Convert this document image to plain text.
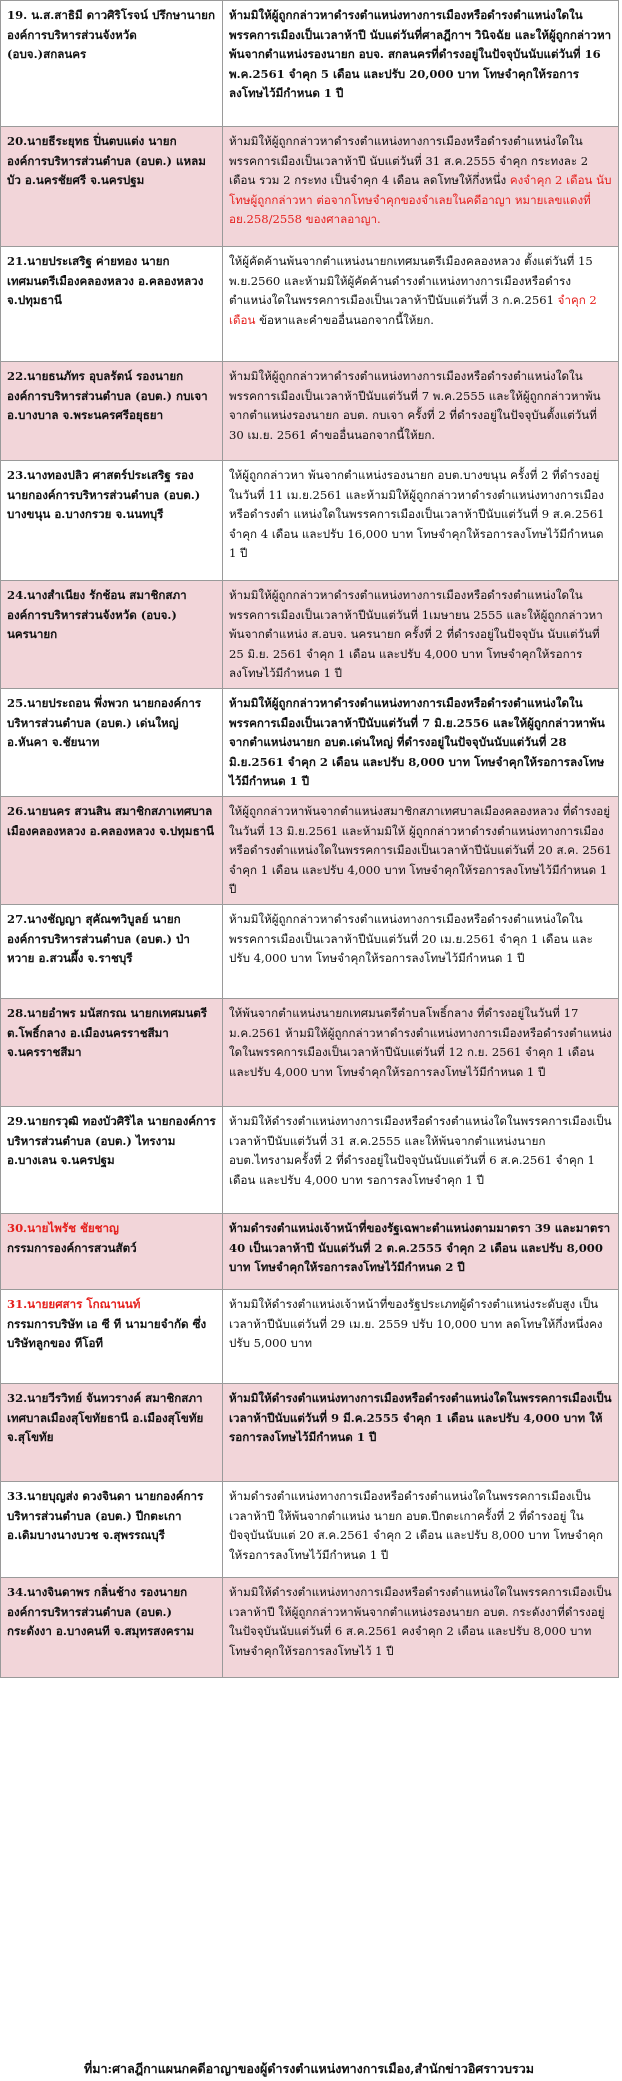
19. น.ส.สาธิมี ดาวศิริโรจน์ ปรึกษานายกองค์การบริหารส่วนจังหวัด (อบจ.)สกลนคร	ห้ามมิให้ผู้ถูกกล่าวหาดำรงตำแหน่งทางการเมืองหรือดำรงตำแหน่งใดในพรรคการเมืองเป็นเวลาห้าปี นับแต่วันที่ศาลฎีกาฯ วินิจฉัย และให้ผู้ถูกกล่าวหาพ้นจากตำแหน่งรองนายก อบจ. สกลนครที่ดำรงอยู่ในปัจจุบันนับแต่วันที่ 16 พ.ค.2561 จำคุก 5 เดือน และปรับ 20,000 บาท โทษจำคุกให้รอการลงโทษไว้มีกำหนด 1 ปี
20.นายธีระยุทธ ปิ่นตบแต่ง นายกองค์การบริหารส่วนตำบล (อบต.) แหลมบัว อ.นครชัยศรี จ.นครปฐม	ห้ามมิให้ผู้ถูกกล่าวหาดำรงตำแหน่งทางการเมืองหรือดำรงตำแหน่งใดในพรรคการเมืองเป็นเวลาห้าปี นับแต่วันที่ 31 ส.ค.2555 จำคุก กระทงละ 2 เดือน รวม 2 กระทง เป็นจำคุก 4 เดือน ลดโทษให้กึ่งหนึ่ง คงจำคุก 2 เดือน นับโทษผู้ถูกกล่าวหา ต่อจากโทษจำคุกของจำเลยในคดีอาญา หมายเลขแดงที่ อย.258/2558 ของศาลอาญา.
21.นายประเสริฐ ค่ายทอง นายกเทศมนตรีเมืองคลองหลวง อ.คลองหลวง จ.ปทุมธานี	ให้ผู้คัดค้านพ้นจากตำแหน่งนายกเทศมนตรีเมืองคลองหลวง ตั้งแต่วันที่ 15 พ.ย.2560 และห้ามมิให้ผู้คัดค้านดำรงตำแหน่งทางการเมืองหรือดำรงตำแหน่งใดในพรรคการเมืองเป็นเวลาห้าปีนับแต่วันที่ 3 ก.ค.2561 จำคุก 2 เดือน ข้อหาและคำขออื่นนอกจากนี้ให้ยก.
22.นายธนภัทร อุบลรัตน์ รองนายกองค์การบริหารส่วนตำบล (อบต.) กบเจา อ.บางบาล จ.พระนครศรีอยุธยา	ห้ามมิให้ผู้ถูกกล่าวหาดำรงตำแหน่งทางการเมืองหรือดำรงตำแหน่งใดในพรรคการเมืองเป็นเวลาห้าปีนับแต่วันที่ 7 พ.ค.2555 และให้ผู้ถูกกล่าวหาพ้นจากตำแหน่งรองนายก อบต. กบเจา ครั้งที่ 2 ที่ดำรงอยู่ในปัจจุบันตั้งแต่วันที่ 30 เม.ย. 2561 คำขออื่นนอกจากนี้ให้ยก.
23.นางทองปลิว ศาสตร์ประเสริฐ รองนายกองค์การบริหารส่วนตำบล (อบต.) บางขนุน อ.บางกรวย จ.นนทบุรี	ให้ผู้ถูกกล่าวหา พ้นจากตำแหน่งรองนายก อบต.บางขนุน ครั้งที่ 2 ที่ดำรงอยู่ในวันที่ 11 เม.ย.2561 และห้ามมิให้ผู้ถูกกล่าวหาดำรงตำแหน่งทางการเมืองหรือดำรงตำ แหน่งใดในพรรคการเมืองเป็นเวลาห้าปีนับแต่วันที่ 9 ส.ค.2561 จำคุก 4 เดือน และปรับ 16,000 บาท โทษจำคุกให้รอการลงโทษไว้มีกำหนด 1 ปี
24.นางสำเนียง รักช้อน สมาชิกสภาองค์การบริหารส่วนจังหวัด (อบจ.) นครนายก	ห้ามมิให้ผู้ถูกกล่าวหาดำรงตำแหน่งทางการเมืองหรือดำรงตำแหน่งใดในพรรคการเมืองเป็นเวลาห้าปีนับแต่วันที่ 1เมษายน 2555 และให้ผู้ถูกกล่าวหาพ้นจากตำแหน่ง ส.อบจ. นครนายก ครั้งที่ 2 ที่ดำรงอยู่ในปัจจุบัน นับแต่วันที่ 25 มิ.ย. 2561 จำคุก 1 เดือน และปรับ 4,000 บาท โทษจำคุกให้รอการลงโทษไว้มีกำหนด 1 ปี
25.นายประถอน พึ่งพวก นายกองค์การบริหารส่วนตำบล (อบต.) เด่นใหญ่ อ.หันคา จ.ชัยนาท	ห้ามมิให้ผู้ถูกกล่าวหาดำรงตำแหน่งทางการเมืองหรือดำรงตำแหน่งใดในพรรคการเมืองเป็นเวลาห้าปีนับแต่วันที่ 7 มิ.ย.2556 และให้ผู้ถูกกล่าวหาพ้นจากตำแหน่งนายก อบต.เด่นใหญ่ ที่ดำรงอยู่ในปัจจุบันนับแต่วันที่ 28 มิ.ย.2561 จำคุก 2 เดือน และปรับ 8,000 บาท โทษจำคุกให้รอการลงโทษไว้มีกำหนด 1 ปี
26.นายนคร สวนสิน สมาชิกสภาเทศบาลเมืองคลองหลวง อ.คลองหลวง จ.ปทุมธานี	ให้ผู้ถูกกล่าวหาพ้นจากตำแหน่งสมาชิกสภาเทศบาลเมืองคลองหลวง ที่ดำรงอยู่ในวันที่ 13 มิ.ย.2561 และห้ามมิให้ ผู้ถูกกล่าวหาดำรงตำแหน่งทางการเมืองหรือดำรงตำแหน่งใดในพรรคการเมืองเป็นเวลาห้าปีนับแต่วันที่ 20 ส.ค. 2561 จำคุก 1 เดือน และปรับ 4,000 บาท โทษจำคุกให้รอการลงโทษไว้มีกำหนด 1 ปี
27.นางชัญญา สุคัณฑวิบูลย์ นายกองค์การบริหารส่วนตำบล (อบต.) ป่าหวาย อ.สวนผึ้ง จ.ราชบุรี	ห้ามมิให้ผู้ถูกกล่าวหาดำรงตำแหน่งทางการเมืองหรือดำรงตำแหน่งใดในพรรคการเมืองเป็นเวลาห้าปีนับแต่วันที่ 20 เม.ย.2561 จำคุก 1 เดือน และปรับ 4,000 บาท โทษจำคุกให้รอการลงโทษไว้มีกำหนด 1 ปี
28.นายอำพร มนัสกรณ นายกเทศมนตรี ต.โพธิ์กลาง อ.เมืองนครราชสีมา จ.นครราชสีมา	ให้พ้นจากตำแหน่งนายกเทศมนตรีตำบลโพธิ์กลาง ที่ดำรงอยู่ในวันที่ 17 ม.ค.2561 ห้ามมิให้ผู้ถูกกล่าวหาดำรงตำแหน่งทางการเมืองหรือดำรงตำแหน่งใดในพรรคการเมืองเป็นเวลาห้าปีนับแต่วันที่ 12 ก.ย. 2561 จำคุก 1 เดือน และปรับ 4,000 บาท โทษจำคุกให้รอการลงโทษไว้มีกำหนด 1 ปี
29.นายกรวุฒิ ทองบัวศิริไล นายกองค์การบริหารส่วนตำบล (อบต.) ไทรงาม อ.บางเลน จ.นครปฐม	ห้ามมิให้ดำรงตำแหน่งทางการเมืองหรือดำรงตำแหน่งใดในพรรคการเมืองเป็นเวลาห้าปีนับแต่วันที่ 31 ส.ค.2555 และให้พ้นจากตำแหน่งนายก อบต.ไทรงามครั้งที่ 2 ที่ดำรงอยู่ในปัจจุบันนับแต่วันที่ 6 ส.ค.2561 จำคุก 1 เดือน และปรับ 4,000 บาท รอการลงโทษจำคุก 1 ปี
30.นายไพรัช ชัยชาญ
กรรมการองค์การสวนสัตว์	ห้ามดำรงตำแหน่งเจ้าหน้าที่ของรัฐเฉพาะตำแหน่งตามมาตรา 39 และมาตรา 40 เป็นเวลาห้าปี นับแต่วันที่ 2 ต.ค.2555 จำคุก 2 เดือน และปรับ 8,000 บาท โทษจำคุกให้รอการลงโทษไว้มีกำหนด 2 ปี
31.นายยศสาร โกณานนท์
กรรมการบริษัท เอ ซี ที นามายจำกัด ซึ่งบริษัทลูกของ ทีโอที	ห้ามมิให้ดำรงตำแหน่งเจ้าหน้าที่ของรัฐประเภทผู้ดำรงตำแหน่งระดับสูง เป็นเวลาห้าปีนับแต่วันที่ 29 เม.ย. 2559 ปรับ 10,000 บาท ลดโทษให้กึ่งหนึ่งคงปรับ 5,000 บาท
32.นายวีรวิทย์ จันทวรางค์ สมาชิกสภาเทศบาลเมืองสุโขทัยธานี อ.เมืองสุโขทัย จ.สุโขทัย	ห้ามมิให้ดำรงตำแหน่งทางการเมืองหรือดำรงตำแหน่งใดในพรรคการเมืองเป็นเวลาห้าปีนับแต่วันที่ 9 มี.ค.2555 จำคุก 1 เดือน และปรับ 4,000 บาท ให้รอการลงโทษไว้มีกำหนด 1 ปี
33.นายบุญส่ง ดวงจินดา นายกองค์การบริหารส่วนตำบล (อบต.) ปีกตะเกา อ.เดิมบางนางบวช จ.สุพรรณบุรี	ห้ามดำรงตำแหน่งทางการเมืองหรือดำรงตำแหน่งใดในพรรคการเมืองเป็นเวลาห้าปี ให้พ้นจากตำแหน่ง นายก อบต.ปีกตะเกาครั้งที่ 2 ที่ดำรงอยู่ ในปัจจุบันนับแต่ 20 ส.ค.2561 จำคุก 2 เดือน และปรับ 8,000 บาท โทษจำคุกให้รอการลงโทษไว้มีกำหนด 1 ปี
34.นางจินดาพร กลิ่นช้าง รองนายกองค์การบริหารส่วนตำบล (อบต.) กระดังงา อ.บางคนที จ.สมุทรสงคราม	ห้ามมิให้ดำรงตำแหน่งทางการเมืองหรือดำรงตำแหน่งใดในพรรคการเมืองเป็นเวลาห้าปี ให้ผู้ถูกกล่าวหาพ้นจากตำแหน่งรองนายก อบต. กระดังงาที่ดำรงอยู่ในปัจจุบันนับแต่วันที่ 6 ส.ค.2561 คงจำคุก 2 เดือน และปรับ 8,000 บาท โทษจำคุกให้รอการลงโทษไว้ 1 ปี
ที่มา:ศาลฎีกาแผนกคดีอาญาของผู้ดำรงตำแหน่งทางการเมือง,สำนักข่าวอิศราวบรวม
